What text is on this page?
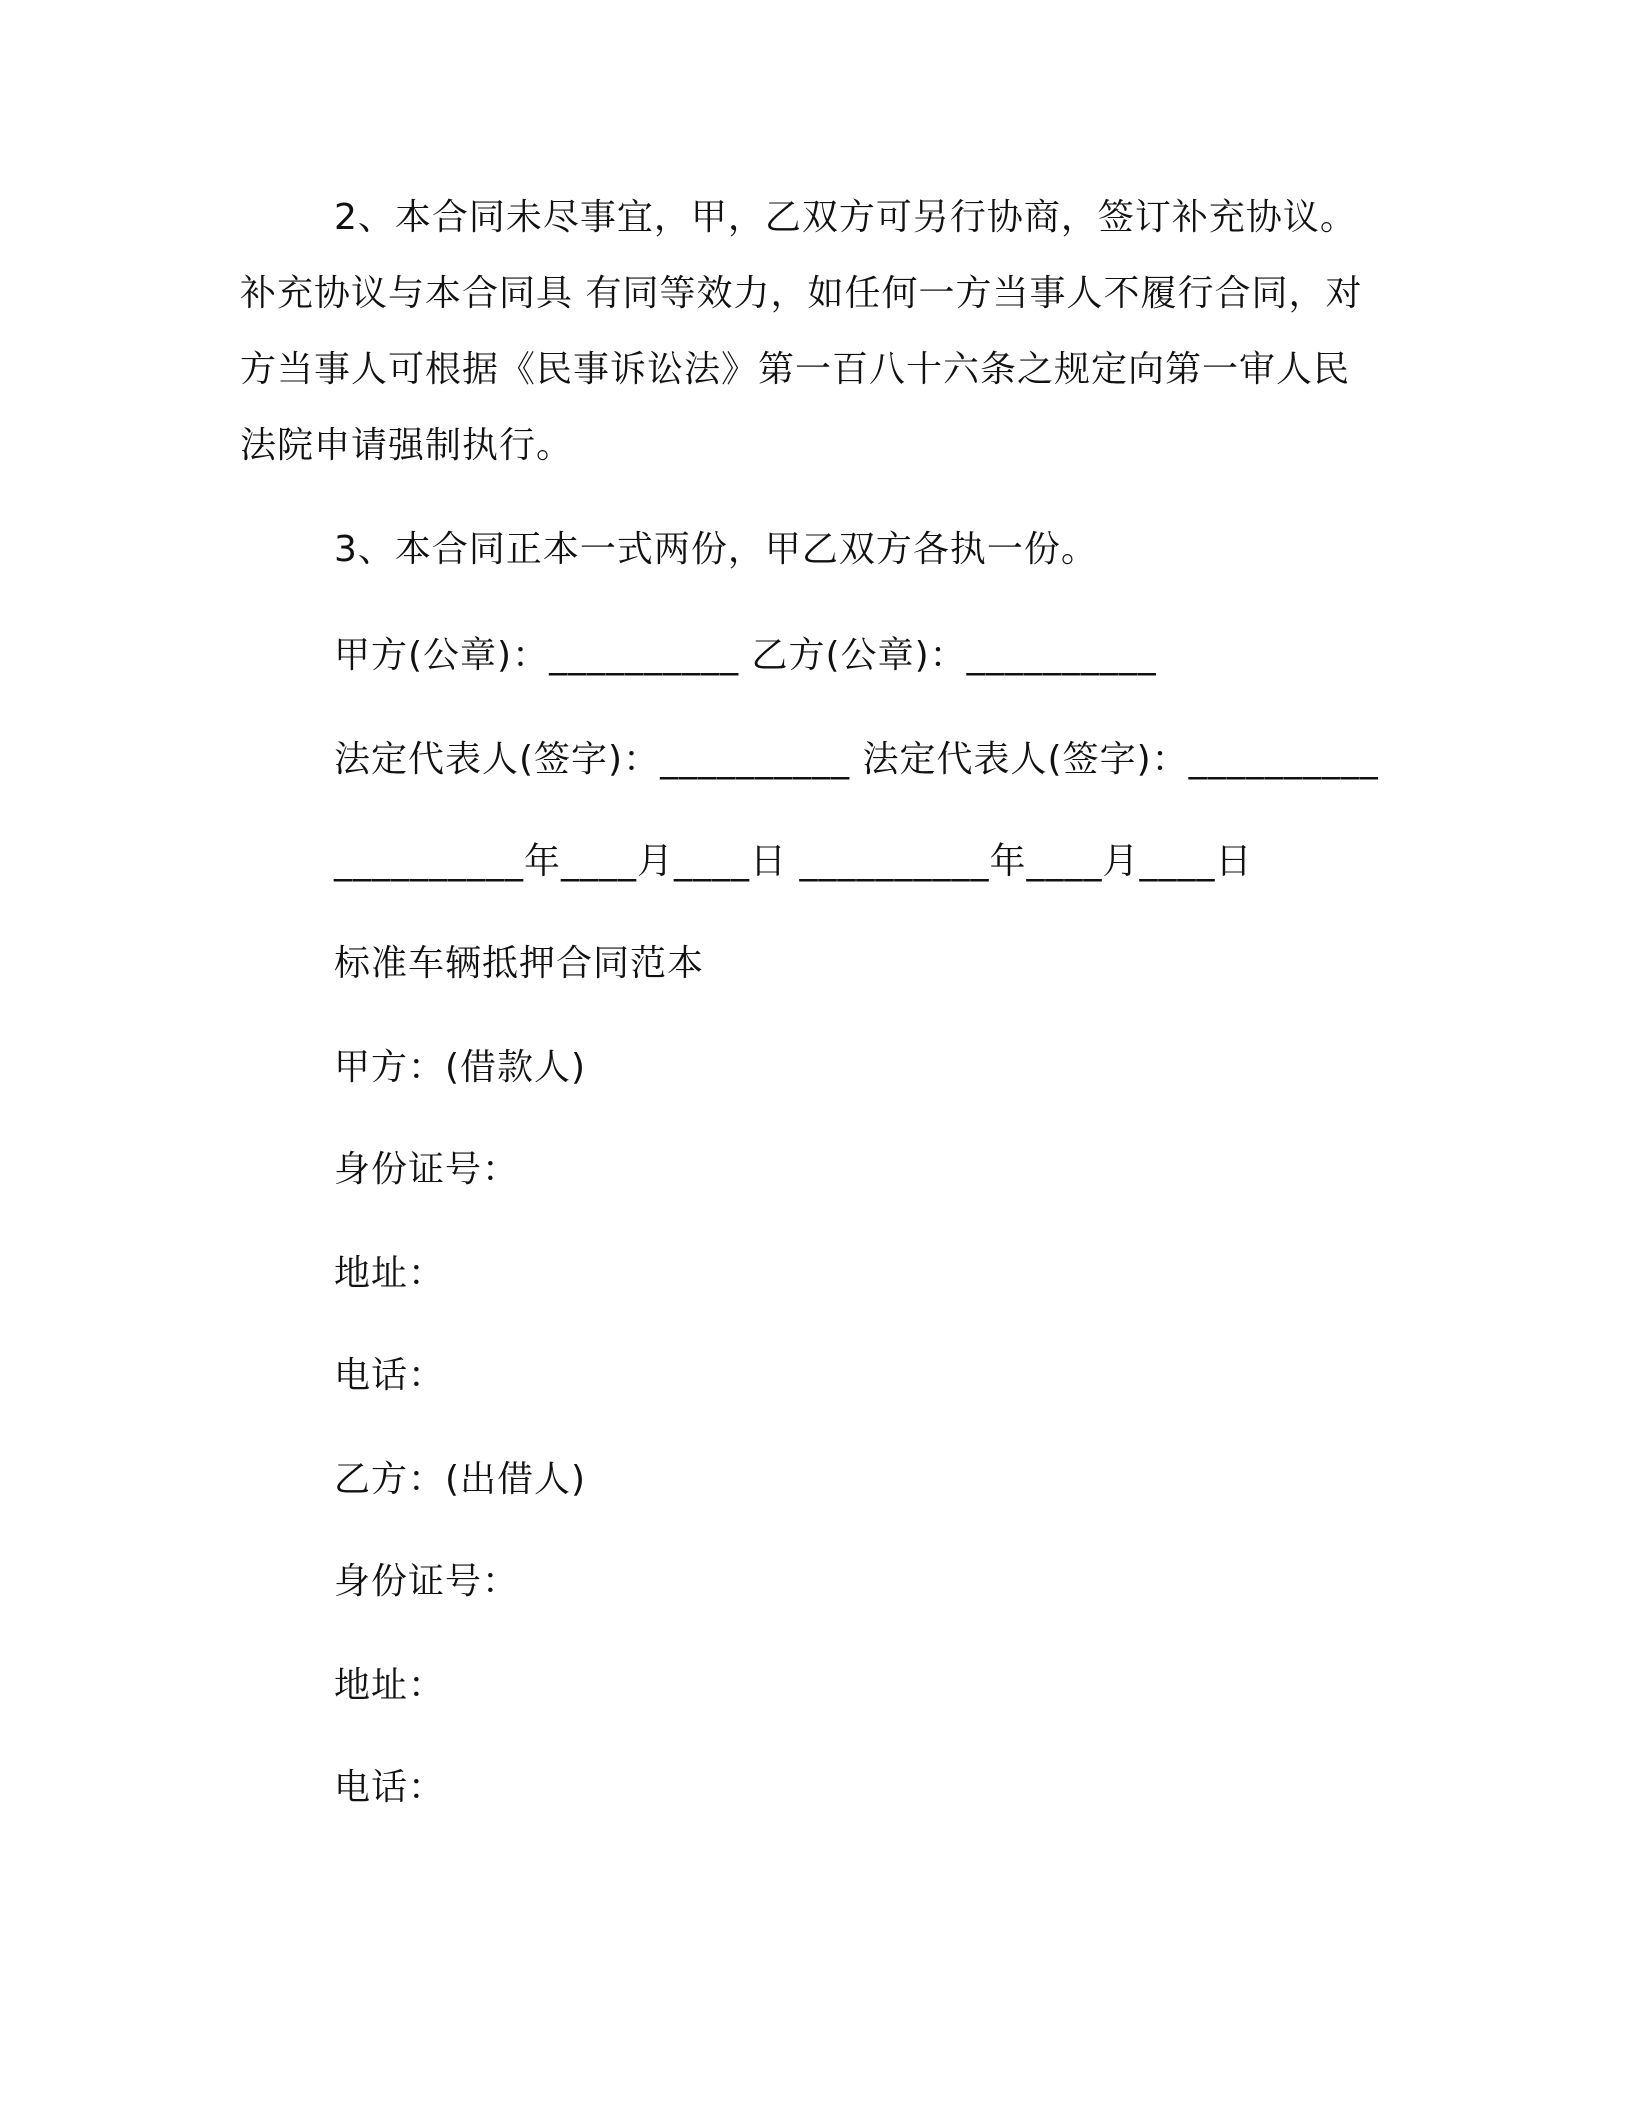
2、本合同未尽事宜，甲，乙双方可另行协商，签订补充协议。
补充协议与本合同具 有同等效力，如任何一方当事人不履行合同，对
方当事人可根据《民事诉讼法》第一百八十六条之规定向第一审人民
法院申请强制执行。
3、本合同正本一式两份，甲乙双方各执一份。
甲方(公章)：__________ 乙方(公章)：__________
法定代表人(签字)：__________ 法定代表人(签字)：__________
__________年____月____日 __________年____月____日
标准车辆抵押合同范本
甲方：(借款人)
身份证号：
地址：
电话：
乙方：(出借人)
身份证号：
地址：
电话：
